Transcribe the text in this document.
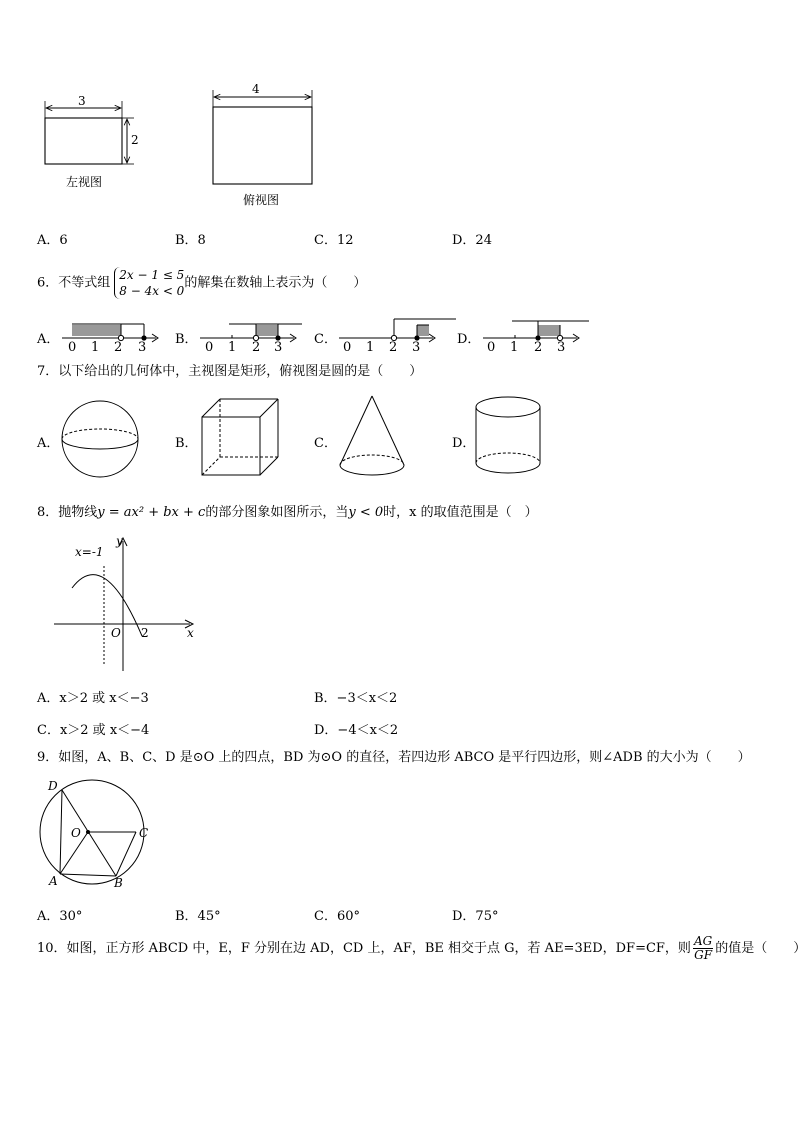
3
2
左视图
4
俯视图
A．6	B．8	C．12	D．24
6．不等式组
2x − 1 ≤ 5
8 − 4x < 0
的解集在数轴上表示为（　　）
A．	B．	C．	D．
0 1 2 3	0 1 2 3	0 1 2 3	0 1 2 3
7．以下给出的几何体中，主视图是矩形，俯视图是圆的是（　　）
A．	B．	C．	D．
8．抛物线y = ax² + bx + c的部分图象如图所示，当y < 0时，x 的取值范围是（　）
x=-1
y
x
O 2
A．x＞2 或 x＜−3	B．−3＜x＜2
C．x＞2 或 x＜−4	D．−4＜x＜2
9．如图，A、B、C、D 是⊙O 上的四点，BD 为⊙O 的直径，若四边形 ABCO 是平行四边形，则∠ADB 的大小为（　　）
D
O	C
A	B
A．30°	B．45°	C．60°	D．75°
10．如图，正方形 ABCD 中，E，F 分别在边 AD，CD 上，AF，BE 相交于点 G，若 AE=3ED，DF=CF，则 $\frac{AG}{GF}$ 的值是（　　）
